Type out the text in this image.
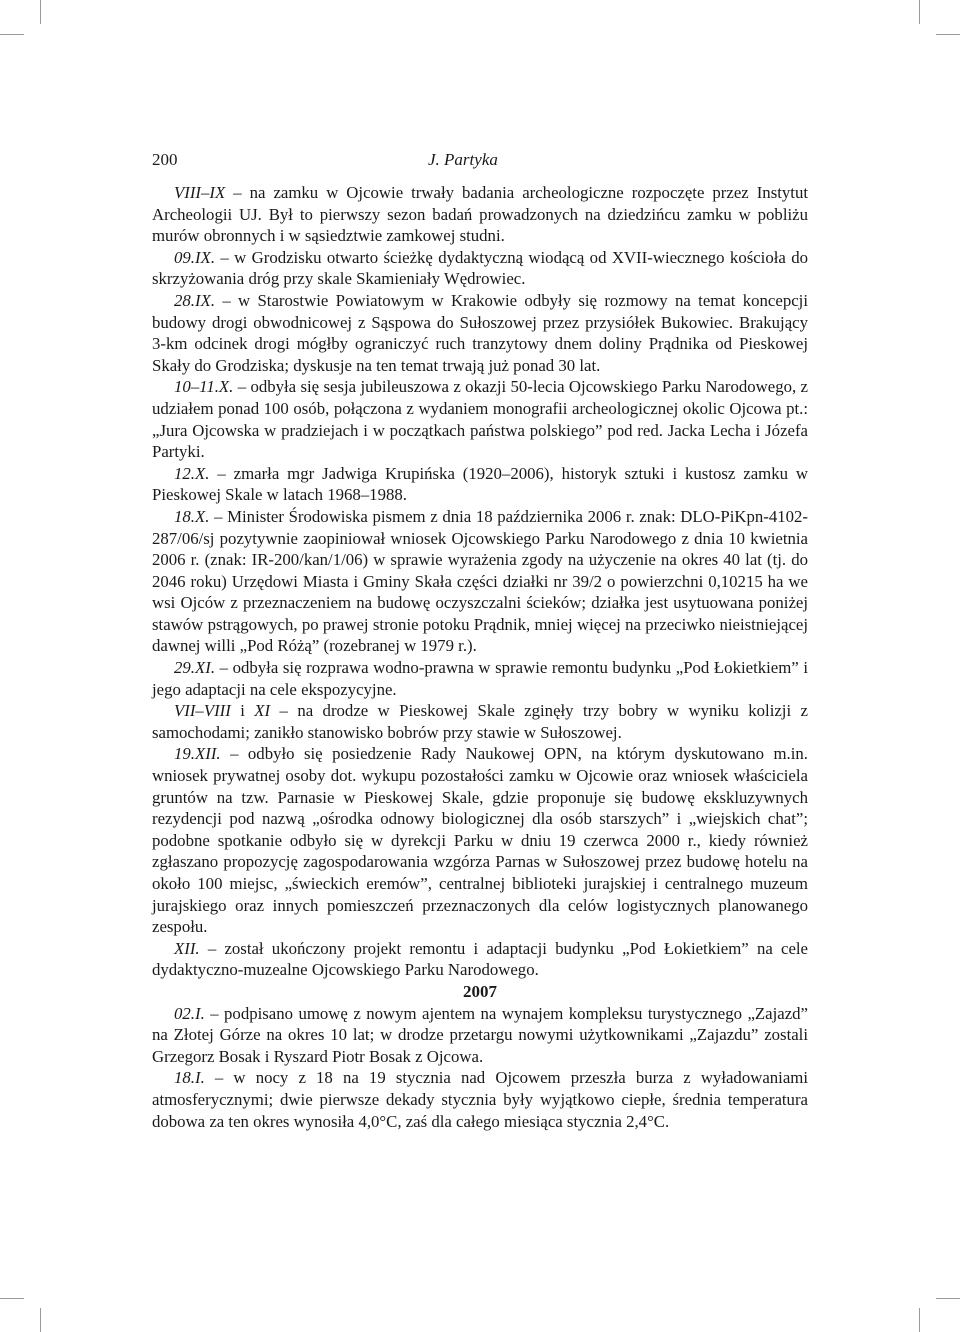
200	J. Partyka

VIII–IX – na zamku w Ojcowie trwały badania archeologiczne rozpoczęte przez Instytut Archeologii UJ. Był to pierwszy sezon badań prowadzonych na dziedzińcu zamku w pobliżu murów obronnych i w sąsiedztwie zamkowej studni.

09.IX. – w Grodzisku otwarto ścieżkę dydaktyczną wiodącą od XVII-wiecznego kościoła do skrzyżowania dróg przy skale Skamieniały Wędrowiec.

28.IX. – w Starostwie Powiatowym w Krakowie odbyły się rozmowy na temat koncepcji budowy drogi obwodnicowej z Sąspowa do Sułoszowej przez przysiółek Bukowiec. Brakujący 3-km odcinek drogi mógłby ograniczyć ruch tranzytowy dnem doliny Prądnika od Pieskowej Skały do Grodziska; dyskusje na ten temat trwają już ponad 30 lat.

10–11.X. – odbyła się sesja jubileuszowa z okazji 50-lecia Ojcowskiego Parku Narodowego, z udziałem ponad 100 osób, połączona z wydaniem monografii archeologicznej okolic Ojcowa pt.: „Jura Ojcowska w pradziejach i w początkach państwa polskiego” pod red. Jacka Lecha i Józefa Partyki.

12.X. – zmarła mgr Jadwiga Krupińska (1920–2006), historyk sztuki i kustosz zamku w Pieskowej Skale w latach 1968–1988.

18.X. – Minister Środowiska pismem z dnia 18 października 2006 r. znak: DLO-PiKpn-4102-287/06/sj pozytywnie zaopiniował wniosek Ojcowskiego Parku Narodowego z dnia 10 kwietnia 2006 r. (znak: IR-200/kan/1/06) w sprawie wyrażenia zgody na użyczenie na okres 40 lat (tj. do 2046 roku) Urzędowi Miasta i Gminy Skała części działki nr 39/2 o powierzchni 0,10215 ha we wsi Ojców z przeznaczeniem na budowę oczyszczalni ścieków; działka jest usytuowana poniżej stawów pstrągowych, po prawej stronie potoku Prądnik, mniej więcej na przeciwko nieistniejącej dawnej willi „Pod Różą” (rozebranej w 1979 r.).

29.XI. – odbyła się rozprawa wodno-prawna w sprawie remontu budynku „Pod Łokietkiem” i jego adaptacji na cele ekspozycyjne.

VII–VIII i XI – na drodze w Pieskowej Skale zginęły trzy bobry w wyniku kolizji z samochodami; zanikło stanowisko bobrów przy stawie w Sułoszowej.

19.XII. – odbyło się posiedzenie Rady Naukowej OPN, na którym dyskutowano m.in. wniosek prywatnej osoby dot. wykupu pozostałości zamku w Ojcowie oraz wniosek właściciela gruntów na tzw. Parnasie w Pieskowej Skale, gdzie proponuje się budowę ekskluzywnych rezydencji pod nazwą „ośrodka odnowy biologicznej dla osób starszych” i „wiejskich chat”; podobne spotkanie odbyło się w dyrekcji Parku w dniu 19 czerwca 2000 r., kiedy również zgłaszano propozycję zagospodarowania wzgórza Parnas w Sułoszowej przez budowę hotelu na około 100 miejsc, „świeckich eremów”, centralnej biblioteki jurajskiej i centralnego muzeum jurajskiego oraz innych pomieszczeń przeznaczonych dla celów logistycznych planowanego zespołu.

XII. – został ukończony projekt remontu i adaptacji budynku „Pod Łokietkiem” na cele dydaktyczno-muzealne Ojcowskiego Parku Narodowego.

2007

02.I. – podpisano umowę z nowym ajentem na wynajem kompleksu turystycznego „Zajazd” na Złotej Górze na okres 10 lat; w drodze przetargu nowymi użytkownikami „Zajazdu” zostali Grzegorz Bosak i Ryszard Piotr Bosak z Ojcowa.

18.I. – w nocy z 18 na 19 stycznia nad Ojcowem przeszła burza z wyładowaniami atmosferycznymi; dwie pierwsze dekady stycznia były wyjątkowo ciepłe, średnia temperatura dobowa za ten okres wynosiła 4,0°C, zaś dla całego miesiąca stycznia 2,4°C.
